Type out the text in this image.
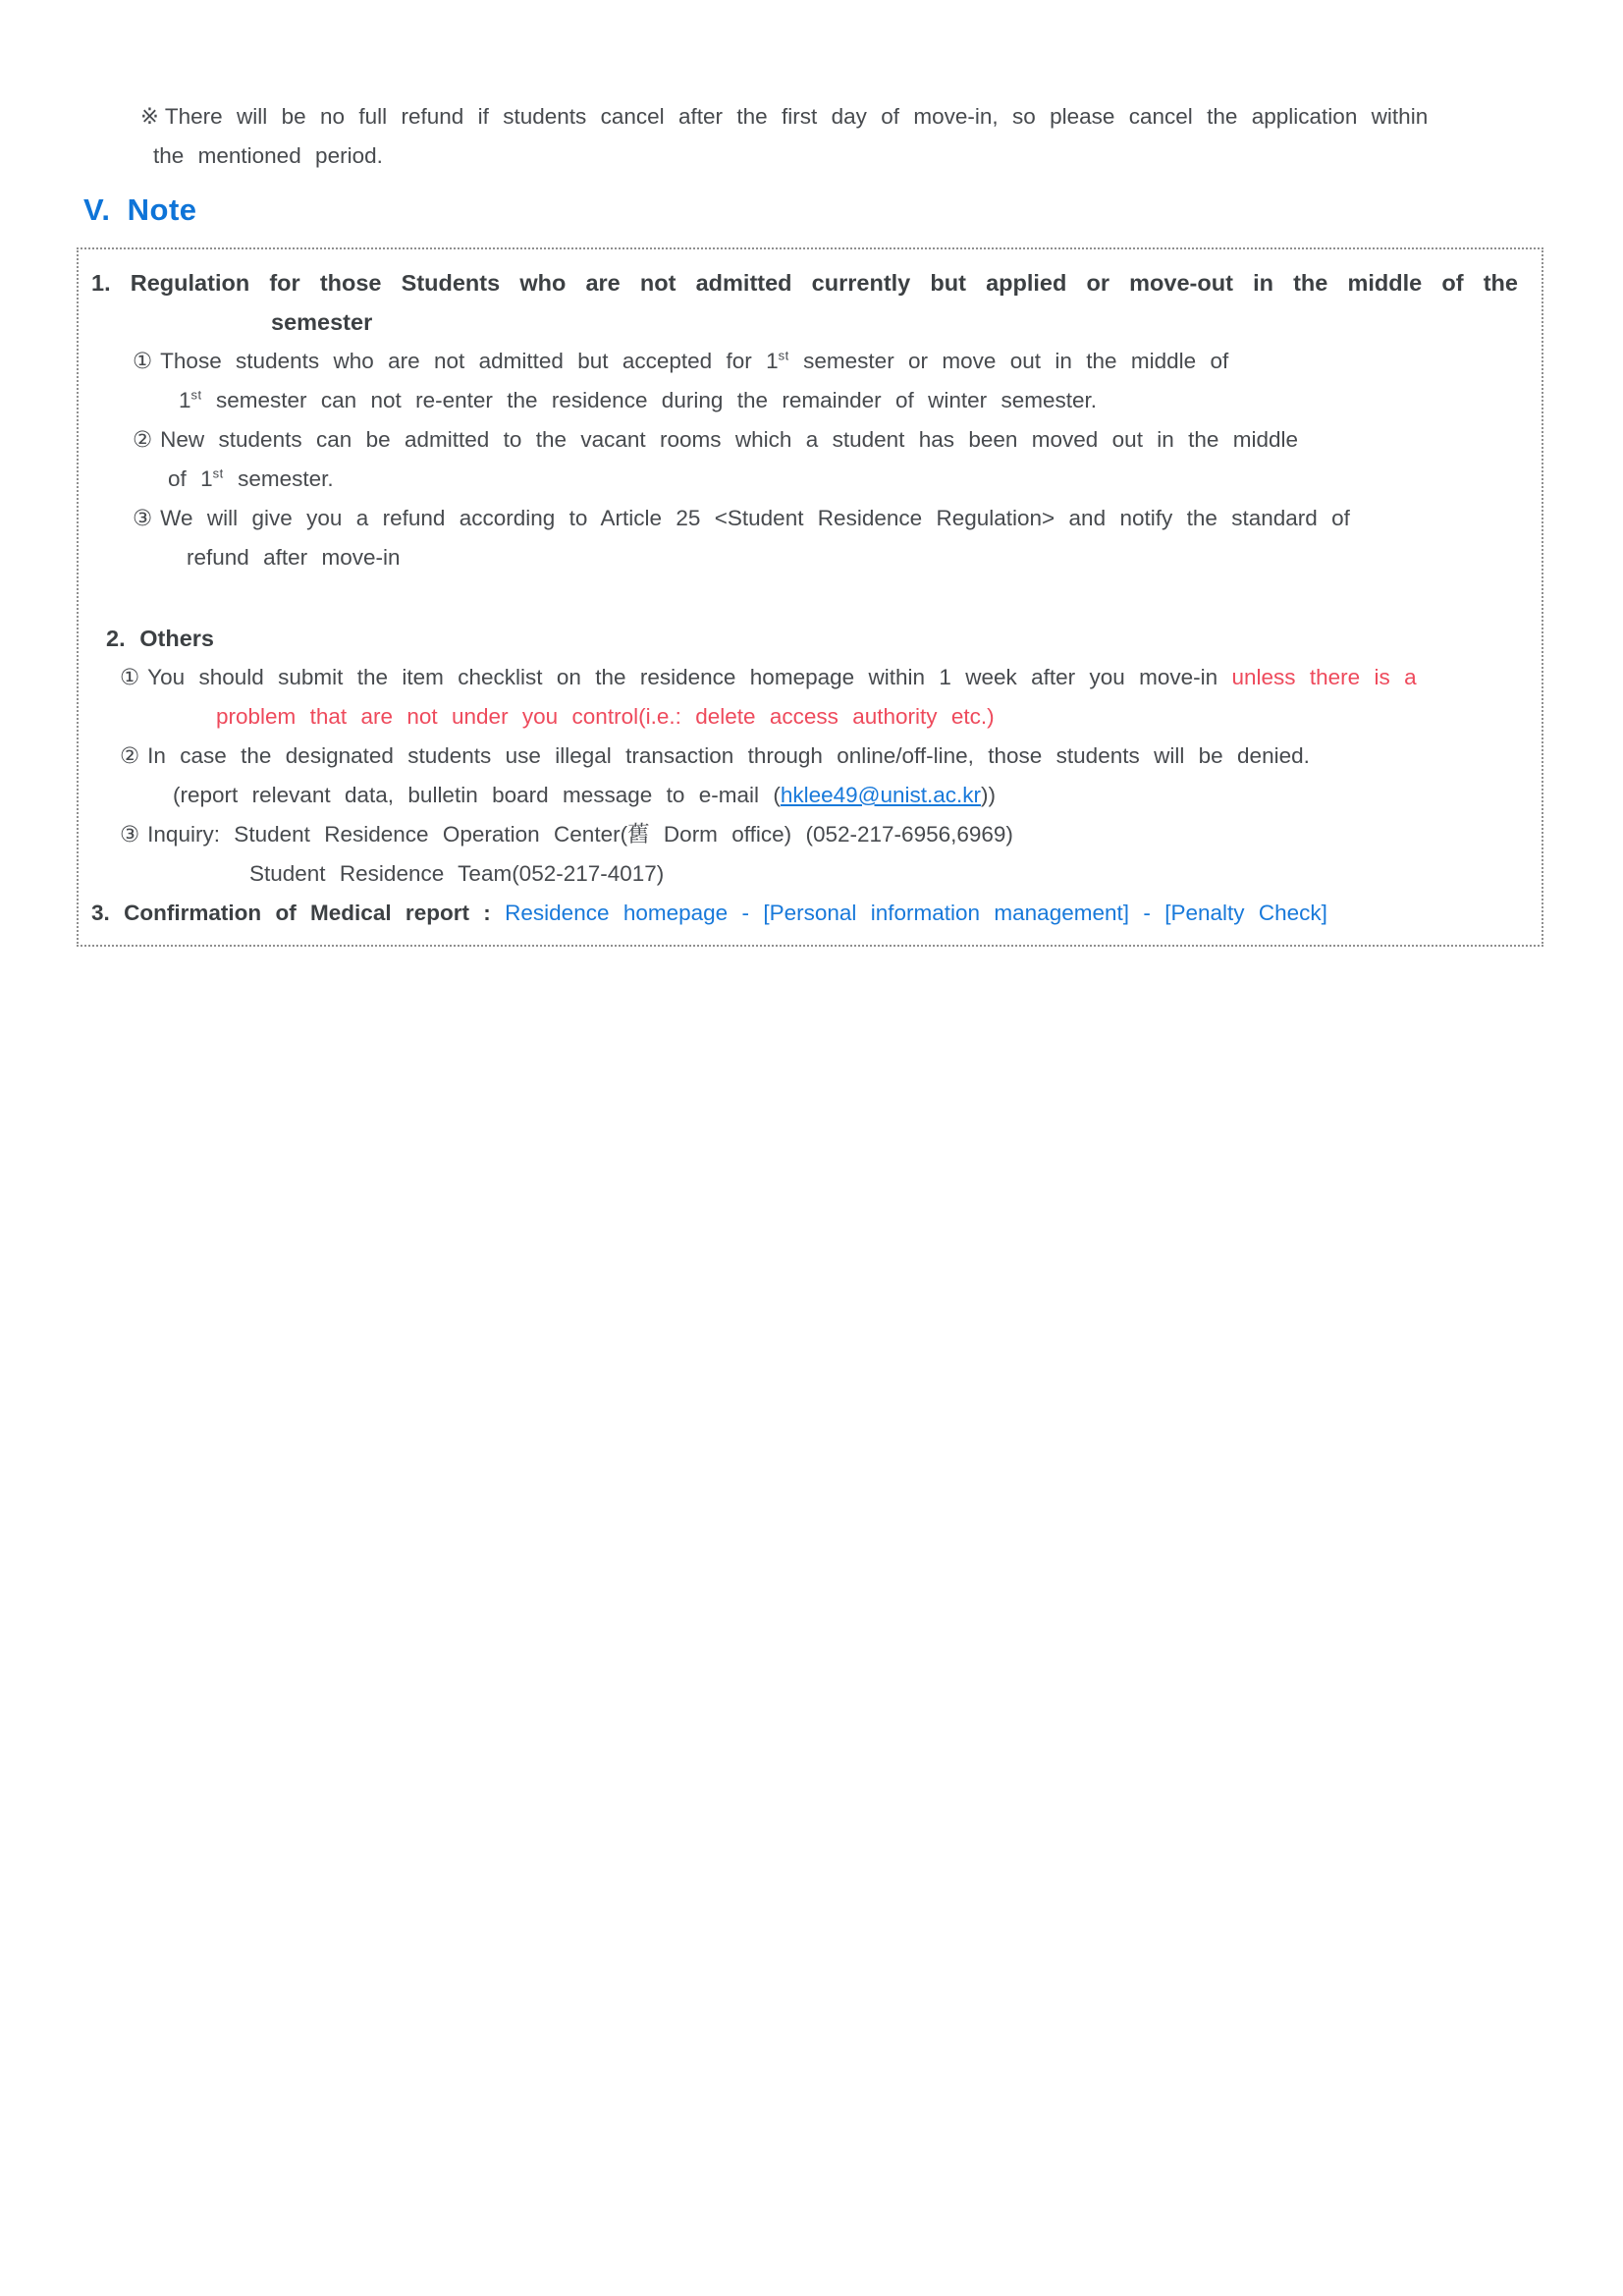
※ There will be no full refund if students cancel after the first day of move-in, so please cancel the application within
the mentioned period.
V. Note
1. Regulation for those Students who are not admitted currently but applied or move-out in the middle of the
semester
① Those students who are not admitted but accepted for 1st semester or move out in the middle of
1st semester can not re-enter the residence during the remainder of winter semester.
② New students can be admitted to the vacant rooms which a student has been moved out in the middle
of 1st semester.
③ We will give you a refund according to Article 25 <Student Residence Regulation> and notify the standard of
refund after move-in
2. Others
① You should submit the item checklist on the residence homepage within 1 week after you move-in unless there is a
problem that are not under you control(i.e.: delete access authority etc.)
② In case the designated students use illegal transaction through online/off-line, those students will be denied.
(report relevant data, bulletin board message to e-mail (hklee49@unist.ac.kr))
③ Inquiry: Student Residence Operation Center(舊 Dorm office) (052-217-6956,6969)
Student Residence Team(052-217-4017)
3. Confirmation of Medical report : Residence homepage - [Personal information management] - [Penalty Check]
